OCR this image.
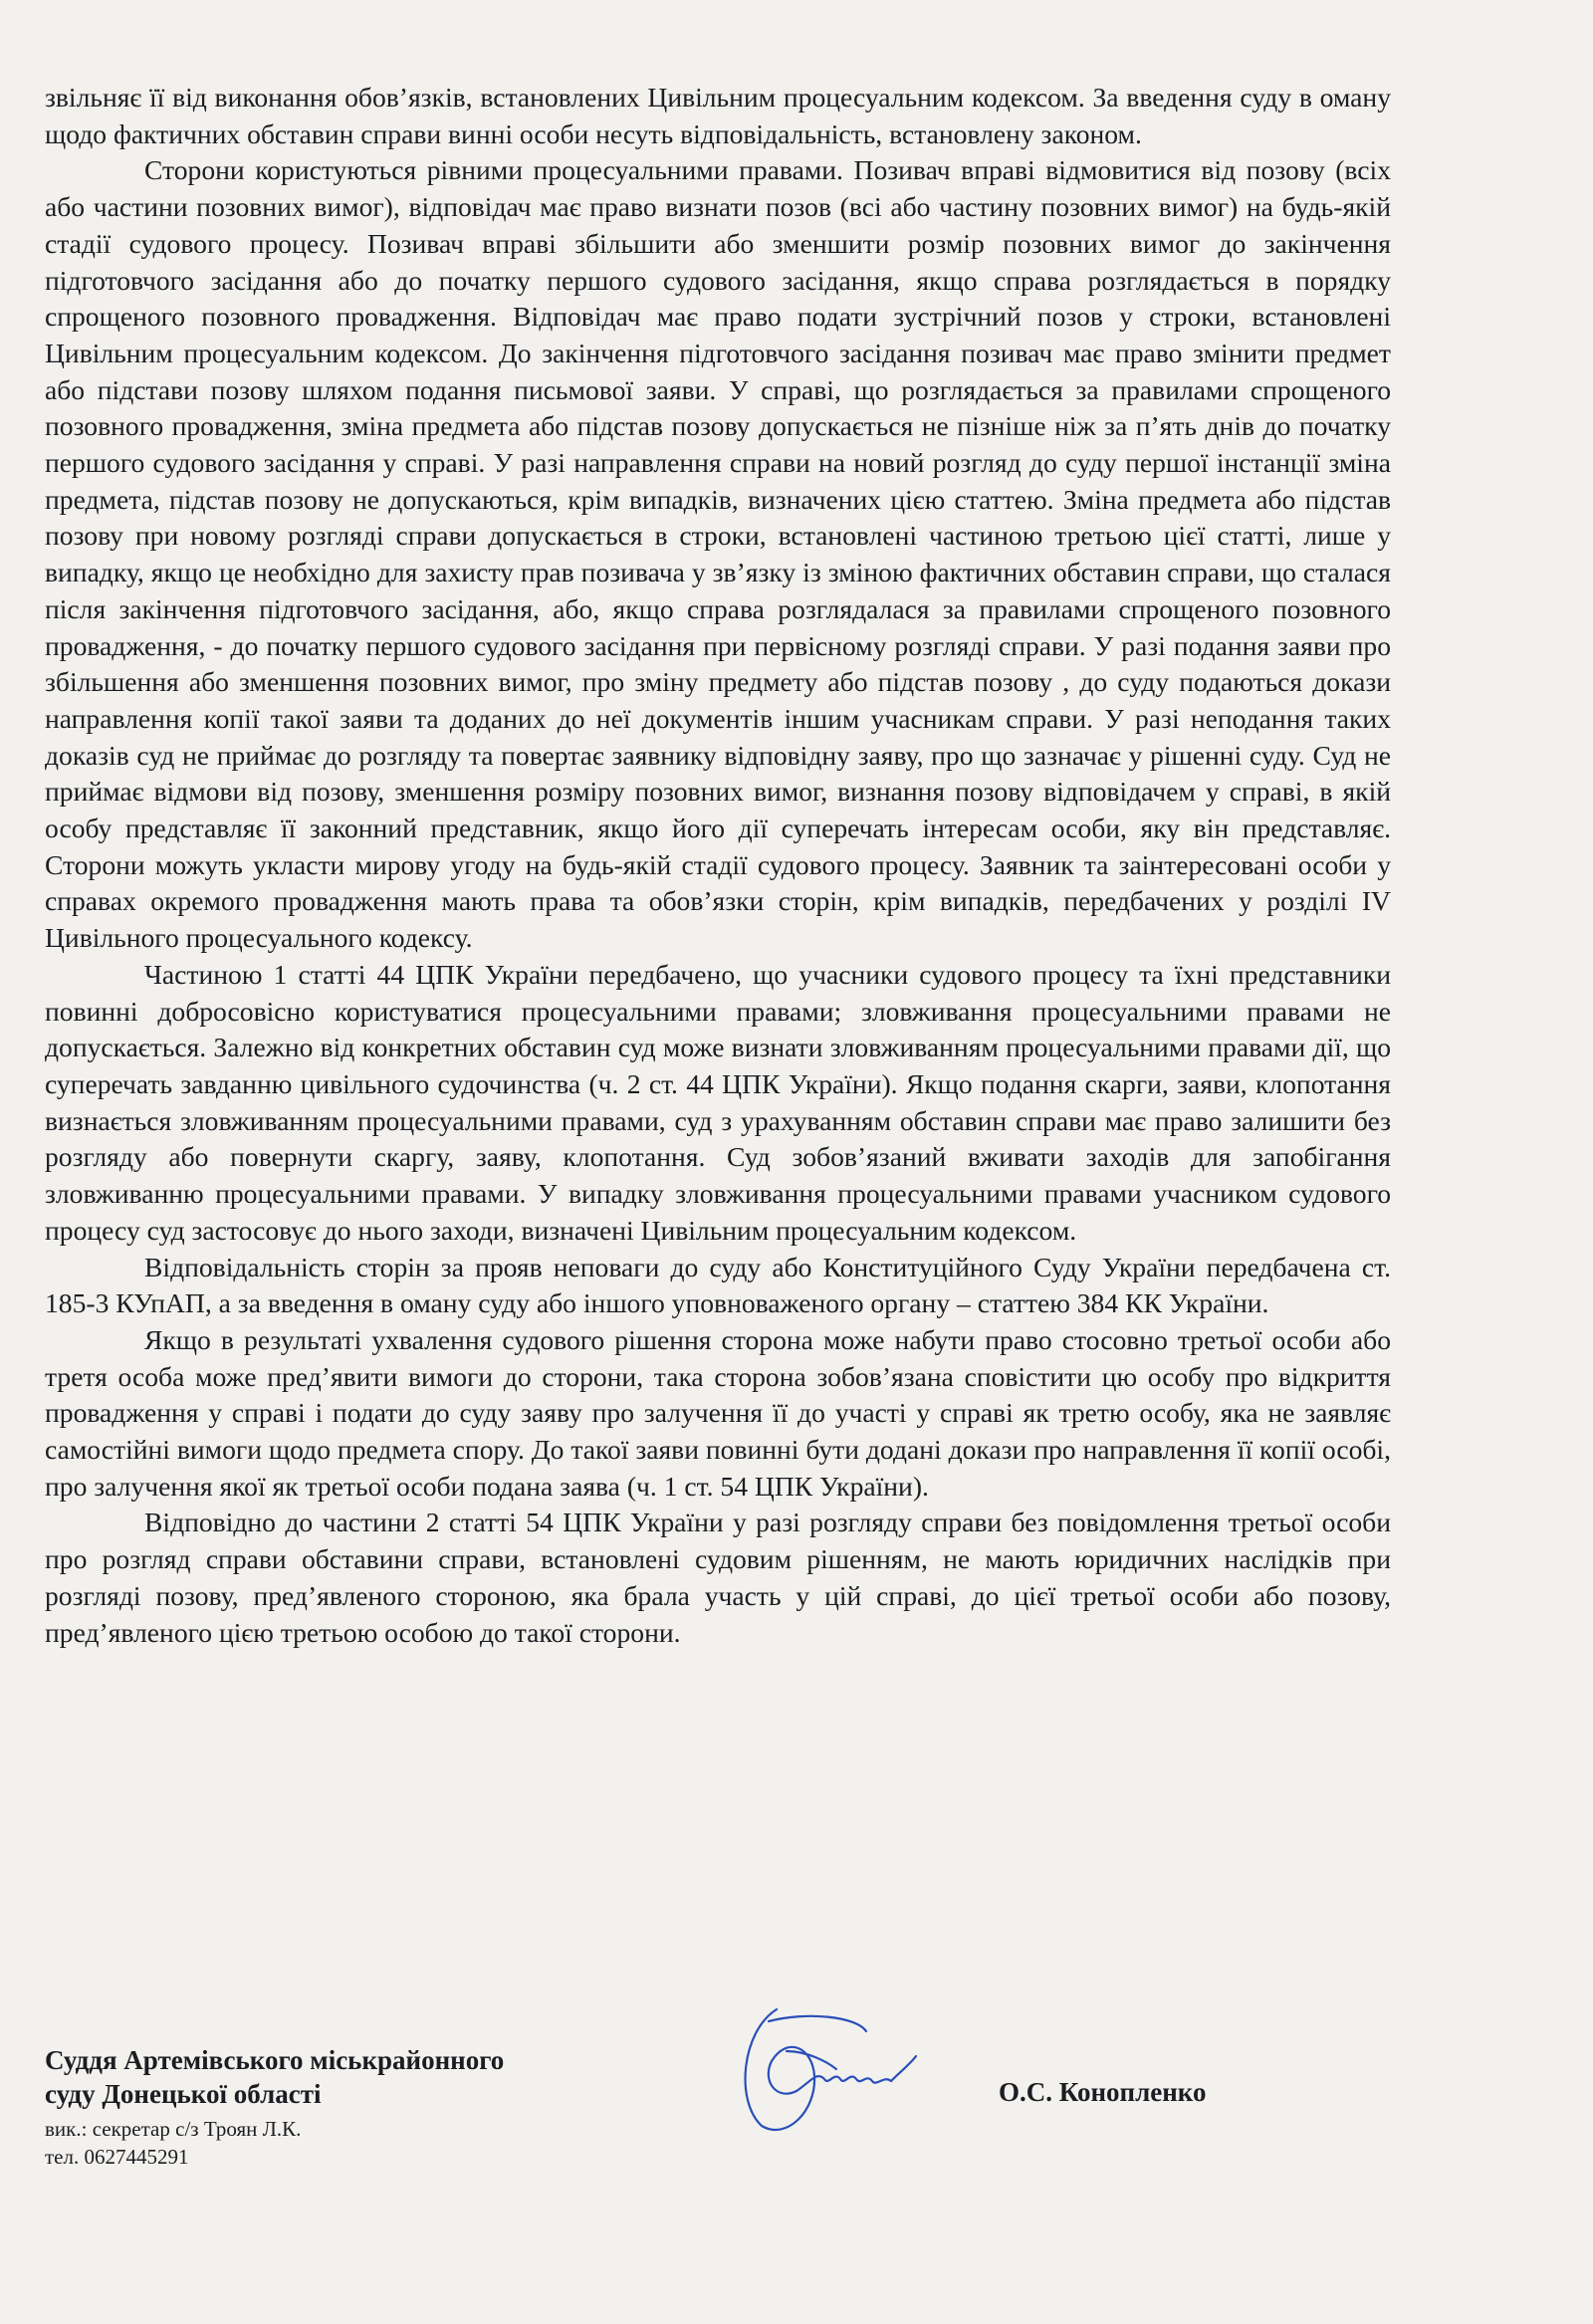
звільняє її від виконання обов’язків, встановлених Цивільним процесуальним кодексом. За введення суду в оману щодо фактичних обставин справи винні особи несуть відповідальність, встановлену законом.

Сторони користуються рівними процесуальними правами. Позивач вправі відмовитися від позову (всіх або частини позовних вимог), відповідач має право визнати позов (всі або частину позовних вимог) на будь-якій стадії судового процесу. Позивач вправі збільшити або зменшити розмір позовних вимог до закінчення підготовчого засідання або до початку першого судового засідання, якщо справа розглядається в порядку спрощеного позовного провадження. Відповідач має право подати зустрічний позов у строки, встановлені Цивільним процесуальним кодексом. До закінчення підготовчого засідання позивач має право змінити предмет або підстави позову шляхом подання письмової заяви. У справі, що розглядається за правилами спрощеного позовного провадження, зміна предмета або підстав позову допускається не пізніше ніж за п’ять днів до початку першого судового засідання у справі. У разі направлення справи на новий розгляд до суду першої інстанції зміна предмета, підстав позову не допускаються, крім випадків, визначених цією статтею. Зміна предмета або підстав позову при новому розгляді справи допускається в строки, встановлені частиною третьою цієї статті, лише у випадку, якщо це необхідно для захисту прав позивача у зв’язку із зміною фактичних обставин справи, що сталася після закінчення підготовчого засідання, або, якщо справа розглядалася за правилами спрощеного позовного провадження, - до початку першого судового засідання при первісному розгляді справи. У разі подання заяви про збільшення або зменшення позовних вимог, про зміну предмету або підстав позову , до суду подаються докази направлення копії такої заяви та доданих до неї документів іншим учасникам справи. У разі неподання таких доказів суд не приймає до розгляду та повертає заявнику відповідну заяву, про що зазначає у рішенні суду. Суд не приймає відмови від позову, зменшення розміру позовних вимог, визнання позову відповідачем у справі, в якій особу представляє її законний представник, якщо його дії суперечать інтересам особи, яку він представляє. Сторони можуть укласти мирову угоду на будь-якій стадії судового процесу. Заявник та заінтересовані особи у справах окремого провадження мають права та обов’язки сторін, крім випадків, передбачених у розділі IV Цивільного процесуального кодексу.

Частиною 1 статті 44 ЦПК України передбачено, що учасники судового процесу та їхні представники повинні добросовісно користуватися процесуальними правами; зловживання процесуальними правами не допускається. Залежно від конкретних обставин суд може визнати зловживанням процесуальними правами дії, що суперечать завданню цивільного судочинства (ч. 2 ст. 44 ЦПК України). Якщо подання скарги, заяви, клопотання визнається зловживанням процесуальними правами, суд з урахуванням обставин справи має право залишити без розгляду або повернути скаргу, заяву, клопотання. Суд зобов’язаний вживати заходів для запобігання зловживанню процесуальними правами. У випадку зловживання процесуальними правами учасником судового процесу суд застосовує до нього заходи, визначені Цивільним процесуальним кодексом.

Відповідальність сторін за прояв неповаги до суду або Конституційного Суду України передбачена ст. 185-3 КУпАП, а за введення в оману суду або іншого уповноваженого органу – статтею 384 КК України.

Якщо в результаті ухвалення судового рішення сторона може набути право стосовно третьої особи або третя особа може пред’явити вимоги до сторони, така сторона зобов’язана сповістити цю особу про відкриття провадження у справі і подати до суду заяву про залучення її до участі у справі як третю особу, яка не заявляє самостійні вимоги щодо предмета спору. До такої заяви повинні бути додані докази про направлення її копії особі, про залучення якої як третьої особи подана заява (ч. 1 ст. 54 ЦПК України).

Відповідно до частини 2 статті 54 ЦПК України у разі розгляду справи без повідомлення третьої особи про розгляд справи обставини справи, встановлені судовим рішенням, не мають юридичних наслідків при розгляді позову, пред’явленого стороною, яка брала участь у цій справі, до цієї третьої особи або позову, пред’явленого цією третьою особою до такої сторони.

Суддя Артемівського міськрайонного

суду Донецької області

вик.: секретар с/з Троян Л.К.

тел. 0627445291

О.С. Конопленко
